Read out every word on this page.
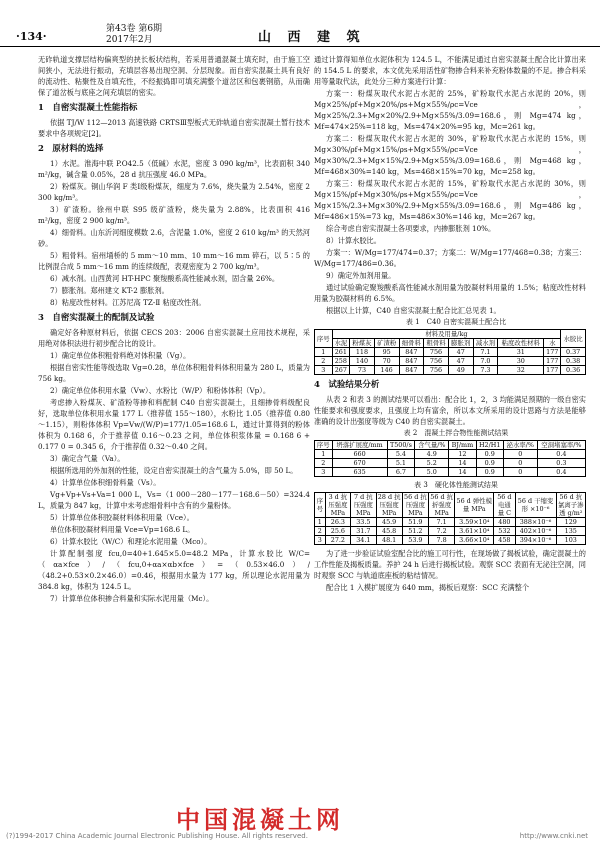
·134·
第43卷 第6期
2017年2月	山 西 建 筑

无砟轨道支撑层结构偏爽型的挟长板状结构，若采用普通混凝土填充时，由于施工空间狭小，无法进行振动，充填层容易出现空洞、分层现象。而自密实混凝土具有良好的流动性、粘聚性及自填充性，不经振捣即可填充满整个道岔区和包裹钢筋，从而确保了道岔板与底座之间充填层的密实。

1　自密实混凝土性能指标

依据 TJ/W 112—2013 高速铁路 CRTSⅢ型板式无砟轨道自密实混凝土暂行技术要求中各项规定[2]。

2　原材料的选择

1）水泥。淮海中联 P.O42.5（低碱）水泥，密度 3 090 kg/m³，比表面积 340 m²/kg，碱含量 0.05%，28 d 抗压强度 46.0 MPa。

2）粉煤灰。铜山华润 F 类Ⅰ级粉煤灰，细度为 7.6%，烧失量为 2.54%，密度 2 300 kg/m³。

3）矿渣粉。徐州中联 S95 级矿渣粉，烧失量为 2.88%，比表面积 416 m²/kg，密度 2 900 kg/m³。

4）细骨料。山东沂河细度模数 2.6，含泥量 1.0%，密度 2 610 kg/m³ 的天然河砂。

5）粗骨料。宿州埇桥的 5 mm～10 mm、10 mm～16 mm 碎石，以 5∶5 的比例混合成 5 mm～16 mm 的连续级配，表观密度为 2 700 kg/m³。

6）减水剂。山西黄河 HT-HPC 聚羧酸系高性能减水剂，固含量 26%。

7）膨胀剂。郑州建文 KT-2 膨胀剂。

8）粘度改性材料。江苏尼高 TZ-Ⅱ 粘度改性剂。

3　自密实混凝土的配制及试验

确定好各种原材料后，依据 CECS 203：2006 自密实混凝土应用技术规程，采用绝对体积法进行初步配合比的设计。

1）确定单位体积粗骨料绝对体积量（Vg）。

根据自密实性能等级选取 Vg=0.28，单位体积粗骨料体积用量为 280 L，质量为 756 kg。

2）确定单位体积用水量（Vw）、水粉比（W/P）和粉体体积（Vp）。

考虑掺入粉煤灰、矿渣粉等掺和料配制 C40 自密实混凝土，且细掺骨料级配良好，选取单位体积用水量 177 L（推荐值 155～180），水粉比 1.05（推荐值 0.80～1.15），则粉体体积 Vp=Vw/(W/P)=177/1.05=168.6 L，通过计算得到的粉体体积为 0.168 6，介于推荐值 0.16～0.23 之间，单位体积浆体量 = 0.168 6 + 0.177 0 = 0.345 6，介于推荐值 0.32～0.40 之间。

3）确定含气量（Va）。

根据所选用的外加剂的性能，设定自密实混凝土的含气量为 5.0%，即 50 L。

4）计算单位体积细骨料量（Vs）。

Vg+Vp+Vs+Va=1 000 L，Vs=（1 000－280－177－168.6－50）=324.4 L，质量为 847 kg，计算中未考虑细骨料中含有的少量粉体。

5）计算单位体积胶凝材料体积用量（Vce）。

单位体积胶凝材料用量 Vce=Vp=168.6 L。

6）计算水胶比（W/C）和理论水泥用量（Mco）。

计算配制强度 fcu,0=40+1.645×5.0=48.2 MPa，计算水胶比 W/C=（αa×fce）/（fcu,0+αa×αb×fce）=（0.53×46.0）/（48.2+0.53×0.2×46.0）=0.46，根据用水量为 177 kg，所以理论水泥用量为 384.8 kg，体积为 124.5 L。

7）计算单位体积掺合料量和实际水泥用量（Mc）。

通过计算得知单位水泥体积为 124.5 L，不能满足通过自密实混凝土配合比计算出来的 154.5 L 的要求，本文优先采用活性矿物掺合料来补充粉体数量的不足。掺合料采用等量取代法，此处分三种方案进行计算：

方案一：粉煤灰取代水泥占水泥的 25%，矿粉取代水泥占水泥的 20%，则 Mg×25%/ρf+Mg×20%/ρs+Mg×55%/ρc=Vce，Mg×25%/2.3+Mg×20%/2.9+Mg×55%/3.09=168.6，则 Mg=474 kg，Mf=474×25%=118 kg，Ms=474×20%=95 kg，Mc=261 kg。

方案二：粉煤灰取代水泥占水泥的 30%，矿粉取代水泥占水泥的 15%，则 Mg×30%/ρf+Mg×15%/ρs+Mg×55%/ρc=Vce，Mg×30%/2.3+Mg×15%/2.9+Mg×55%/3.09=168.6，则 Mg=468 kg，Mf=468×30%=140 kg，Ms=468×15%=70 kg，Mc=258 kg。

方案三：粉煤灰取代水泥占水泥的 15%，矿粉取代水泥占水泥的 30%，则 Mg×15%/ρf+Mg×30%/ρs+Mg×55%/ρc=Vce，Mg×15%/2.3+Mg×30%/2.9+Mg×55%/3.09=168.6，则 Mg=486 kg，Mf=486×15%=73 kg，Ms=486×30%=146 kg，Mc=267 kg。

综合考虑自密实混凝土各项要求，内掺膨胀剂 10%。

8）计算水胶比。

方案一：W/Mg=177/474=0.37；方案二：W/Mg=177/468=0.38；方案三：W/Mg=177/486=0.36。

9）确定外加剂用量。

通过试验确定聚羧酸系高性能减水剂用量为胶凝材料用量的 1.5%；粘度改性材料用量为胶凝材料的 6.5%。

根据以上计算，C40 自密实混凝土配合比汇总见表 1。

表 1　C40 自密实混凝土配合比

序号	材料及用量/kg									水胶比
	水泥	粉煤灰	矿渣粉	细骨料	粗骨料	膨胀剂	减水剂	粘度改性材料	水	
1	261	118	95	847	756	47	7.1	31	177	0.37
2	258	140	70	847	756	47	7.0	30	177	0.38
3	267	73	146	847	756	49	7.3	32	177	0.36
4　试验结果分析

从表 2 和表 3 的测试结果可以看出：配合比 1，2，3 均能满足预期的一级自密实性能要求和强度要求，且强度上均有富余，所以本文所采用的设计思路与方法是能够准确的设计出强度等级为 C40 的自密实混凝土。

表 2　混凝土拌合物性能测试结果

序号	坍落扩展度/mm	T500/s	含气量/%	BJ/mm	H2/H1	泌水率/%	空洞堵塞率/%
1	660	5.4	4.9	12	0.9	0	0.4
2	670	5.1	5.2	14	0.9	0	0.3
3	635	6.7	5.0	14	0.9	0	0.4

表 3　硬化体性能测试结果

序号	3 d 抗压强度 MPa	7 d 抗压强度 MPa	28 d 抗压强度 MPa	56 d 抗压强度 MPa	56 d 抗折强度 MPa	56 d 弹性模量 MPa	56 d 电通量 C	56 d 干缩变形 ×10⁻⁶	56 d 抗氯离子渗透 g/m²
1	26.3	33.5	45.9	51.9	7.1	3.59×10⁴	480	388×10⁻⁶	129
2	25.6	31.7	45.8	51.2	7.2	3.61×10⁴	532	402×10⁻⁶	135
3	27.2	34.1	48.1	53.9	7.8	3.66×10⁴	458	394×10⁻⁶	103

为了进一步验证试验室配合比的施工可行性，在现场做了揭板试验，确定混凝土的工作性能及揭板质量。养护 24 h 后进行揭板试验。观察 SCC 表面有无泌注空洞，同时观察 SCC 与轨道底座板的粘结情况。

配合比 1 入模扩展度为 640 mm，揭板后观察：SCC 充满整个

中国混凝土网
(?)1994-2017 China Academic Journal Electronic Publishing House. All rights reserved.	http://www.cnki.net
